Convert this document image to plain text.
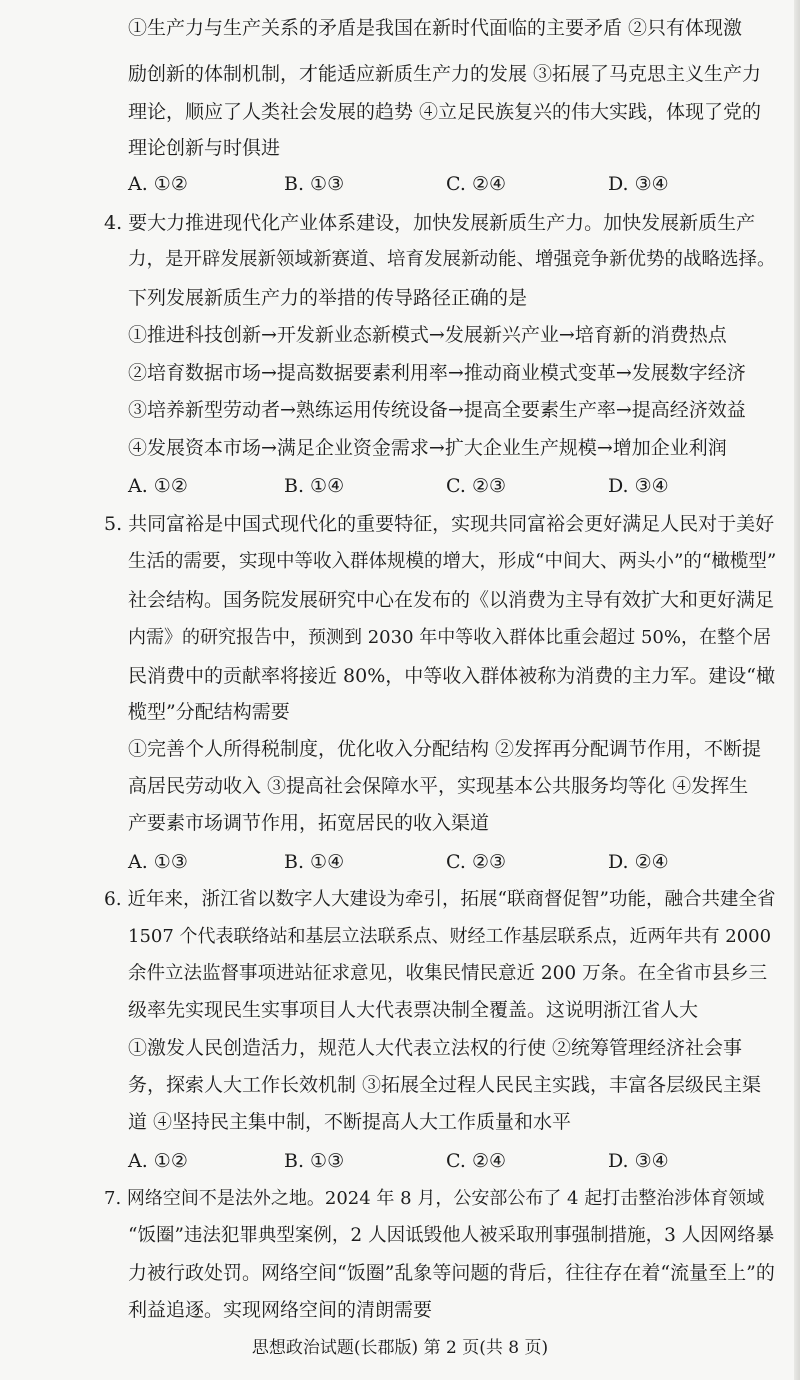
①生产力与生产关系的矛盾是我国在新时代面临的主要矛盾 ②只有体现激
励创新的体制机制，才能适应新质生产力的发展 ③拓展了马克思主义生产力
理论，顺应了人类社会发展的趋势 ④立足民族复兴的伟大实践，体现了党的
理论创新与时俱进
A. ①②	B. ①③	C. ②④	D. ③④
4. 要大力推进现代化产业体系建设，加快发展新质生产力。加快发展新质生产
力，是开辟发展新领域新赛道、培育发展新动能、增强竞争新优势的战略选择。
下列发展新质生产力的举措的传导路径正确的是
①推进科技创新→开发新业态新模式→发展新兴产业→培育新的消费热点
②培育数据市场→提高数据要素利用率→推动商业模式变革→发展数字经济
③培养新型劳动者→熟练运用传统设备→提高全要素生产率→提高经济效益
④发展资本市场→满足企业资金需求→扩大企业生产规模→增加企业利润
A. ①②	B. ①④	C. ②③	D. ③④
5. 共同富裕是中国式现代化的重要特征，实现共同富裕会更好满足人民对于美好
生活的需要，实现中等收入群体规模的增大，形成“中间大、两头小”的“橄榄型”
社会结构。国务院发展研究中心在发布的《以消费为主导有效扩大和更好满足
内需》的研究报告中，预测到 2030 年中等收入群体比重会超过 50%，在整个居
民消费中的贡献率将接近 80%，中等收入群体被称为消费的主力军。建设“橄
榄型”分配结构需要
①完善个人所得税制度，优化收入分配结构 ②发挥再分配调节作用，不断提
高居民劳动收入 ③提高社会保障水平，实现基本公共服务均等化 ④发挥生
产要素市场调节作用，拓宽居民的收入渠道
A. ①③	B. ①④	C. ②③	D. ②④
6. 近年来，浙江省以数字人大建设为牵引，拓展“联商督促智”功能，融合共建全省
1507 个代表联络站和基层立法联系点、财经工作基层联系点，近两年共有 2000
余件立法监督事项进站征求意见，收集民情民意近 200 万条。在全省市县乡三
级率先实现民生实事项目人大代表票决制全覆盖。这说明浙江省人大
①激发人民创造活力，规范人大代表立法权的行使 ②统筹管理经济社会事
务，探索人大工作长效机制 ③拓展全过程人民民主实践，丰富各层级民主渠
道 ④坚持民主集中制，不断提高人大工作质量和水平
A. ①②	B. ①③	C. ②④	D. ③④
7. 网络空间不是法外之地。2024 年 8 月，公安部公布了 4 起打击整治涉体育领域
“饭圈”违法犯罪典型案例，2 人因诋毁他人被采取刑事强制措施，3 人因网络暴
力被行政处罚。网络空间“饭圈”乱象等问题的背后，往往存在着“流量至上”的
利益追逐。实现网络空间的清朗需要
思想政治试题(长郡版) 第 2 页(共 8 页)
